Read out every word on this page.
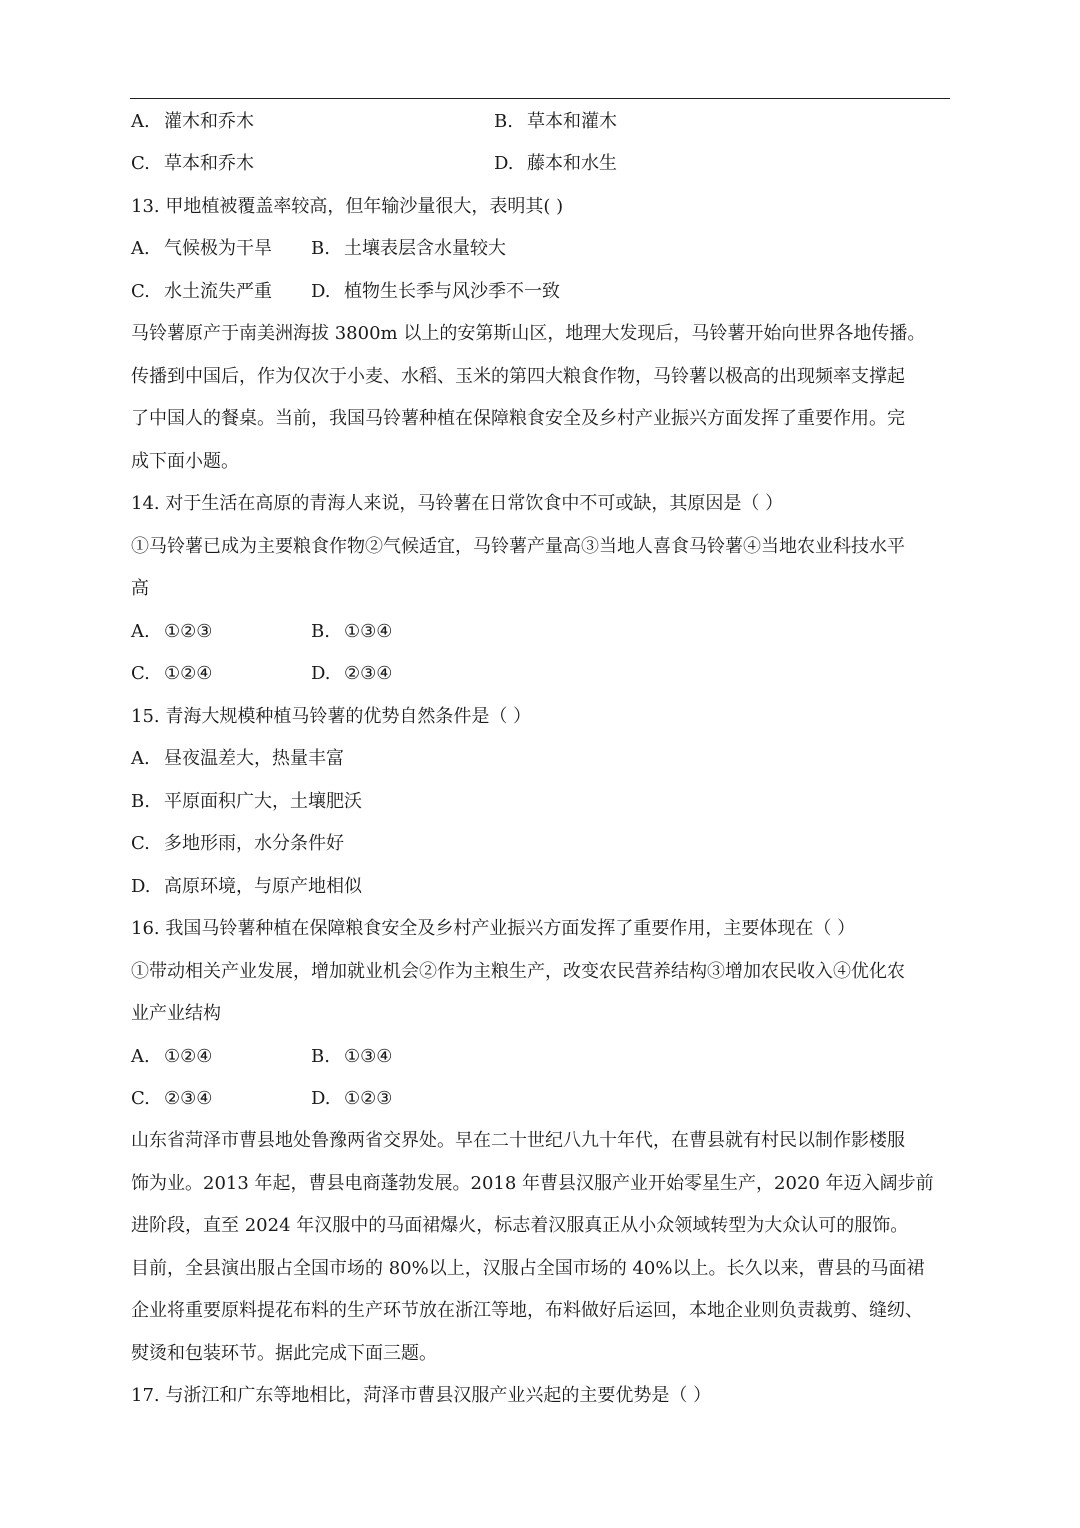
A. 灌木和乔木	B. 草本和灌木
C. 草本和乔木	D. 藤本和水生
13. 甲地植被覆盖率较高，但年输沙量很大，表明其( )
A. 气候极为干旱 B. 土壤表层含水量较大
C. 水土流失严重 D. 植物生长季与风沙季不一致
马铃薯原产于南美洲海拔 3800m 以上的安第斯山区，地理大发现后，马铃薯开始向世界各地传播。
传播到中国后，作为仅次于小麦、水稻、玉米的第四大粮食作物，马铃薯以极高的出现频率支撑起
了中国人的餐桌。当前，我国马铃薯种植在保障粮食安全及乡村产业振兴方面发挥了重要作用。完
成下面小题。
14. 对于生活在高原的青海人来说，马铃薯在日常饮食中不可或缺，其原因是（ ）
①马铃薯已成为主要粮食作物②气候适宜，马铃薯产量高③当地人喜食马铃薯④当地农业科技水平
高
A. ①②③	B. ①③④
C. ①②④	D. ②③④
15. 青海大规模种植马铃薯的优势自然条件是（ ）
A. 昼夜温差大，热量丰富
B. 平原面积广大，土壤肥沃
C. 多地形雨，水分条件好
D. 高原环境，与原产地相似
16. 我国马铃薯种植在保障粮食安全及乡村产业振兴方面发挥了重要作用，主要体现在（ ）
①带动相关产业发展，增加就业机会②作为主粮生产，改变农民营养结构③增加农民收入④优化农
业产业结构
A. ①②④	B. ①③④
C. ②③④	D. ①②③
山东省菏泽市曹县地处鲁豫两省交界处。早在二十世纪八九十年代，在曹县就有村民以制作影楼服
饰为业。2013 年起，曹县电商蓬勃发展。2018 年曹县汉服产业开始零星生产，2020 年迈入阔步前
进阶段，直至 2024 年汉服中的马面裙爆火，标志着汉服真正从小众领域转型为大众认可的服饰。
目前，全县演出服占全国市场的 80%以上，汉服占全国市场的 40%以上。长久以来，曹县的马面裙
企业将重要原料提花布料的生产环节放在浙江等地，布料做好后运回，本地企业则负责裁剪、缝纫、
熨烫和包装环节。据此完成下面三题。
17. 与浙江和广东等地相比，菏泽市曹县汉服产业兴起的主要优势是（ ）
